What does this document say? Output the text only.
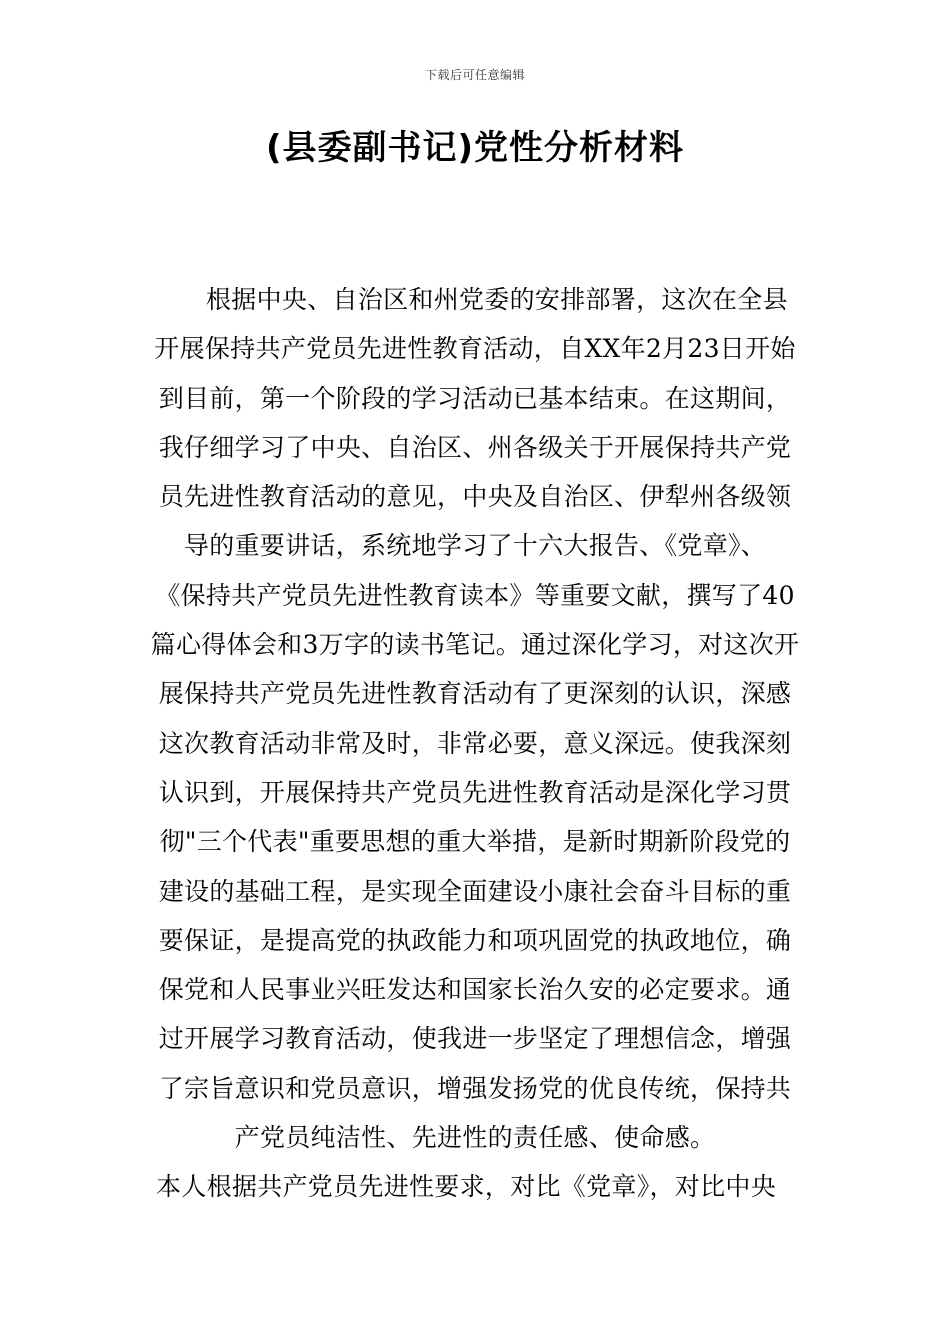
下载后可任意编辑
(县委副书记)党性分析材料
根据中央、自治区和州党委的安排部署，这次在全县
开展保持共产党员先进性教育活动，自XX年2月23日开始
到目前，第一个阶段的学习活动已基本结束。在这期间，
我仔细学习了中央、自治区、州各级关于开展保持共产党
员先进性教育活动的意见，中央及自治区、伊犁州各级领
导的重要讲话，系统地学习了十六大报告、《党章》、
《保持共产党员先进性教育读本》等重要文献，撰写了40
篇心得体会和3万字的读书笔记。通过深化学习，对这次开
展保持共产党员先进性教育活动有了更深刻的认识，深感
这次教育活动非常及时，非常必要，意义深远。使我深刻
认识到，开展保持共产党员先进性教育活动是深化学习贯
彻"三个代表"重要思想的重大举措，是新时期新阶段党的
建设的基础工程，是实现全面建设小康社会奋斗目标的重
要保证，是提高党的执政能力和项巩固党的执政地位，确
保党和人民事业兴旺发达和国家长治久安的必定要求。通
过开展学习教育活动，使我进一步坚定了理想信念，增强
了宗旨意识和党员意识，增强发扬党的优良传统，保持共
产党员纯洁性、先进性的责任感、使命感。
本人根据共产党员先进性要求，对比《党章》，对比中央
